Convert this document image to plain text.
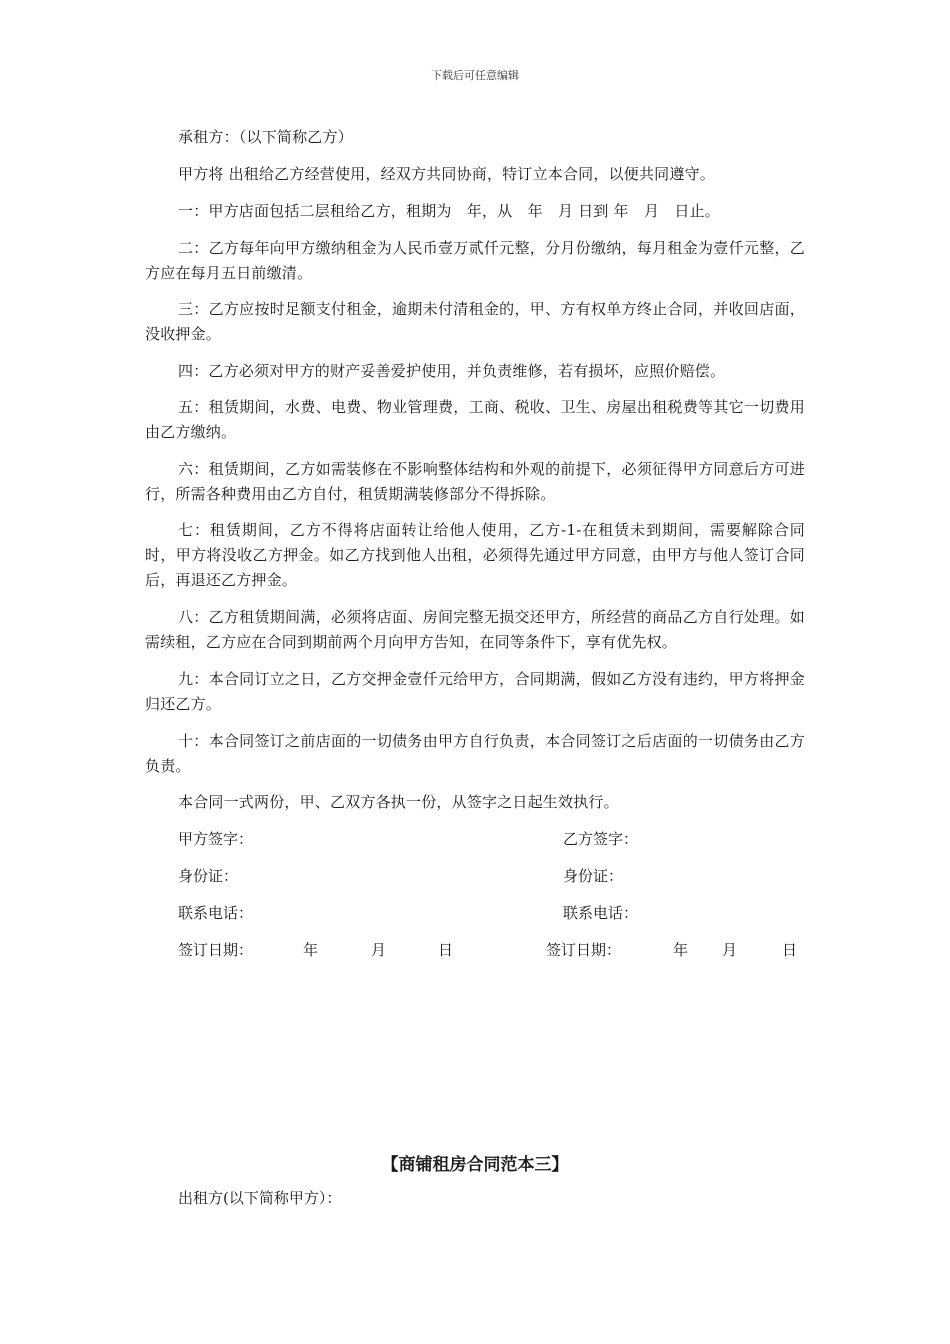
下载后可任意编辑
承租方：（以下简称乙方）
甲方将 出租给乙方经营使用，经双方共同协商，特订立本合同，以便共同遵守。
一：甲方店面包括二层租给乙方，租期为　年，从　年　月 日到 年　月　日止。
二：乙方每年向甲方缴纳租金为人民币壹万贰仟元整，分月份缴纳，每月租金为壹仟元整，乙方应在每月五日前缴清。
三：乙方应按时足额支付租金，逾期未付清租金的，甲、方有权单方终止合同，并收回店面，没收押金。
四：乙方必须对甲方的财产妥善爱护使用，并负责维修，若有损坏，应照价赔偿。
五：租赁期间，水费、电费、物业管理费，工商、税收、卫生、房屋出租税费等其它一切费用由乙方缴纳。
六：租赁期间，乙方如需装修在不影响整体结构和外观的前提下，必须征得甲方同意后方可进行，所需各种费用由乙方自付，租赁期满装修部分不得拆除。
七：租赁期间，乙方不得将店面转让给他人使用，乙方-1-在租赁未到期间，需要解除合同时，甲方将没收乙方押金。如乙方找到他人出租，必须得先通过甲方同意，由甲方与他人签订合同后，再退还乙方押金。
八：乙方租赁期间满，必须将店面、房间完整无损交还甲方，所经营的商品乙方自行处理。如需续租，乙方应在合同到期前两个月向甲方告知，在同等条件下，享有优先权。
九：本合同订立之日，乙方交押金壹仟元给甲方，合同期满，假如乙方没有违约，甲方将押金归还乙方。
十：本合同签订之前店面的一切债务由甲方自行负责，本合同签订之后店面的一切债务由乙方负责。
本合同一式两份，甲、乙双方各执一份，从签字之日起生效执行。
甲方签字：	乙方签字：
身份证：	身份证：
联系电话：	联系电话：
签订日期：	年	月	日	签订日期：	年 月	日
【商铺租房合同范本三】
出租方(以下简称甲方）：
